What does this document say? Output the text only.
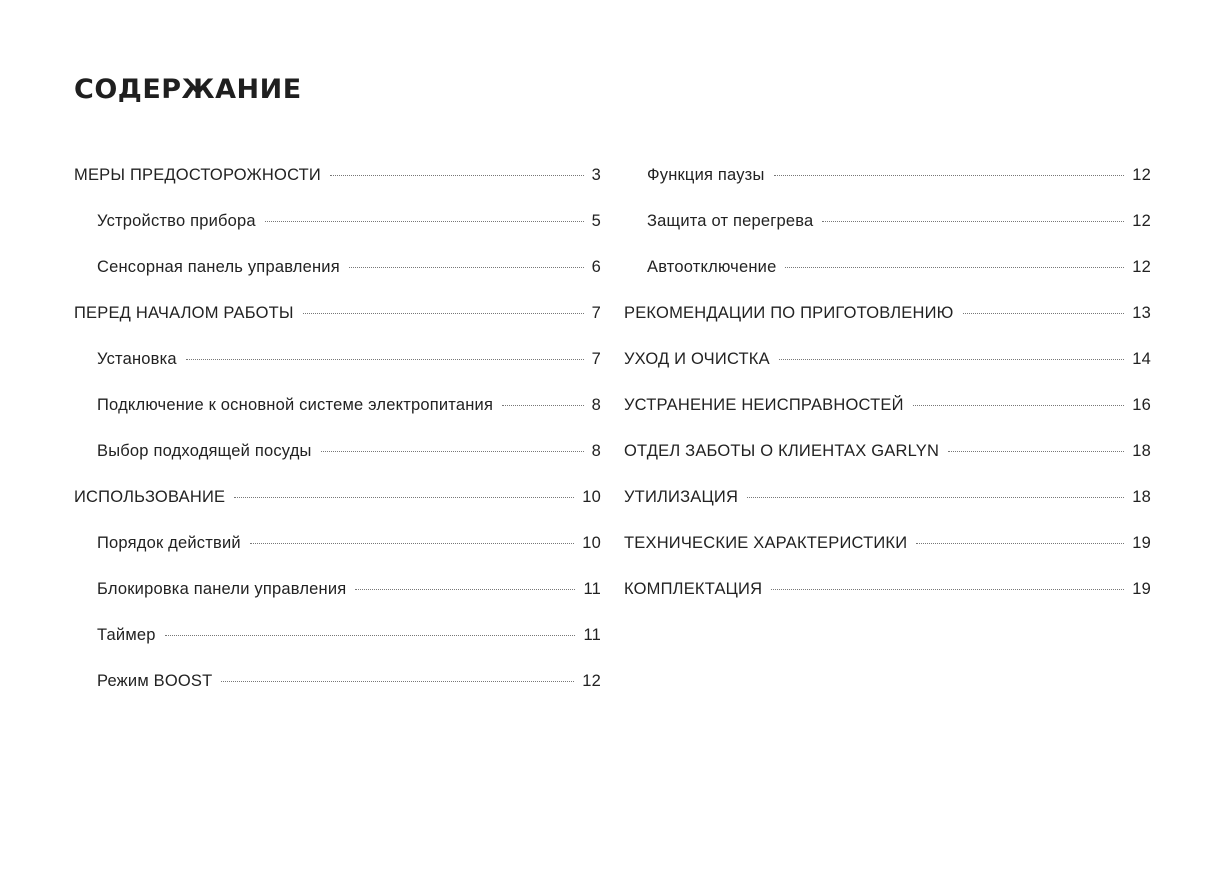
СОДЕРЖАНИЕ
МЕРЫ ПРЕДОСТОРОЖНОСТИ	3
Устройство прибора	5
Сенсорная панель управления	6
ПЕРЕД НАЧАЛОМ РАБОТЫ	7
Установка	7
Подключение к основной системе электропитания	8
Выбор подходящей посуды	8
ИСПОЛЬЗОВАНИЕ	10
Порядок действий	10
Блокировка панели управления	11
Таймер	11
Режим BOOST	12
Функция паузы	12
Защита от перегрева	12
Автоотключение	12
РЕКОМЕНДАЦИИ ПО ПРИГОТОВЛЕНИЮ	13
УХОД И ОЧИСТКА	14
УСТРАНЕНИЕ НЕИСПРАВНОСТЕЙ	16
ОТДЕЛ ЗАБОТЫ О КЛИЕНТАХ GARLYN	18
УТИЛИЗАЦИЯ	18
ТЕХНИЧЕСКИЕ ХАРАКТЕРИСТИКИ	19
КОМПЛЕКТАЦИЯ	19
